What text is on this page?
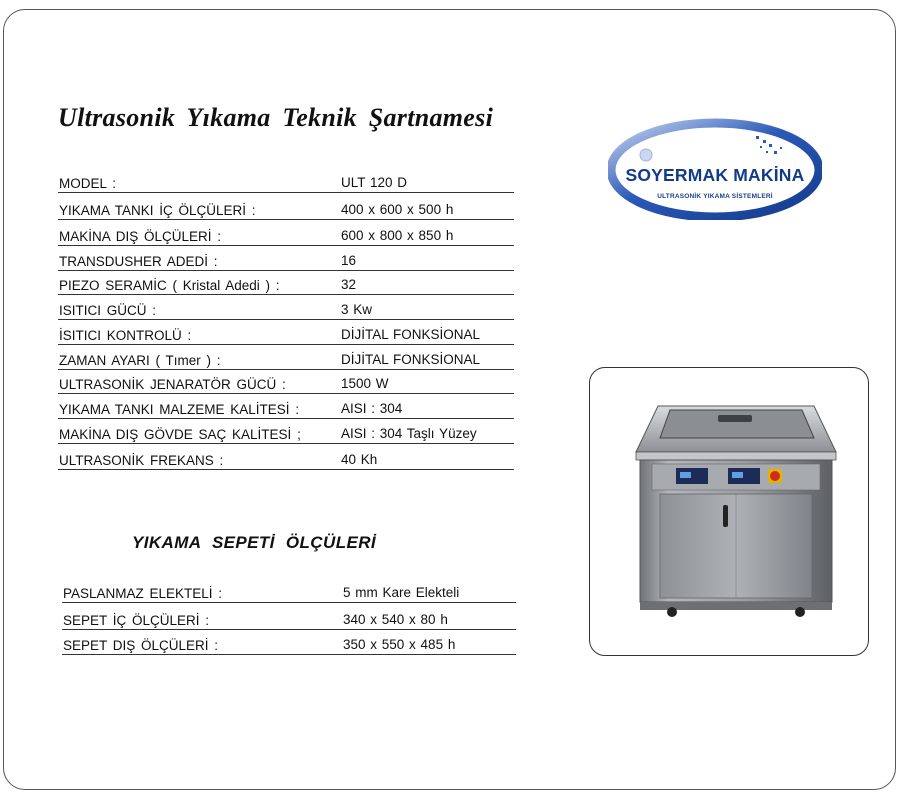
Ultrasonik Yıkama Teknik Şartnamesi
MODEL :	ULT 120 D
YIKAMA TANKI İÇ ÖLÇÜLERİ :	400 x 600 x 500 h
MAKİNA DIŞ ÖLÇÜLERİ :	600 x 800 x 850 h
TRANSDUSHER ADEDİ :	16
PIEZO SERAMİC ( Kristal Adedi ) :	32
ISITICI GÜCÜ :	3 Kw
İSITICI KONTROLÜ :	DİJİTAL FONKSİONAL
ZAMAN AYARI ( Tımer ) :	DİJİTAL FONKSİONAL
ULTRASONİK JENARATÖR GÜCÜ :	1500 W
YIKAMA TANKI MALZEME KALİTESİ :	AISI : 304
MAKİNA DIŞ GÖVDE SAÇ KALİTESİ ;	AISI : 304 Taşlı Yüzey
ULTRASONİK FREKANS :	40 Kh
YIKAMA SEPETİ ÖLÇÜLERİ
PASLANMAZ ELEKTELİ :	5 mm Kare Elekteli
SEPET İÇ ÖLÇÜLERİ :	340 x 540 x 80 h
SEPET DIŞ ÖLÇÜLERİ :	350 x 550 x 485 h
SOYERMAK MAKİNA
ULTRASONİK YIKAMA SİSTEMLERİ
